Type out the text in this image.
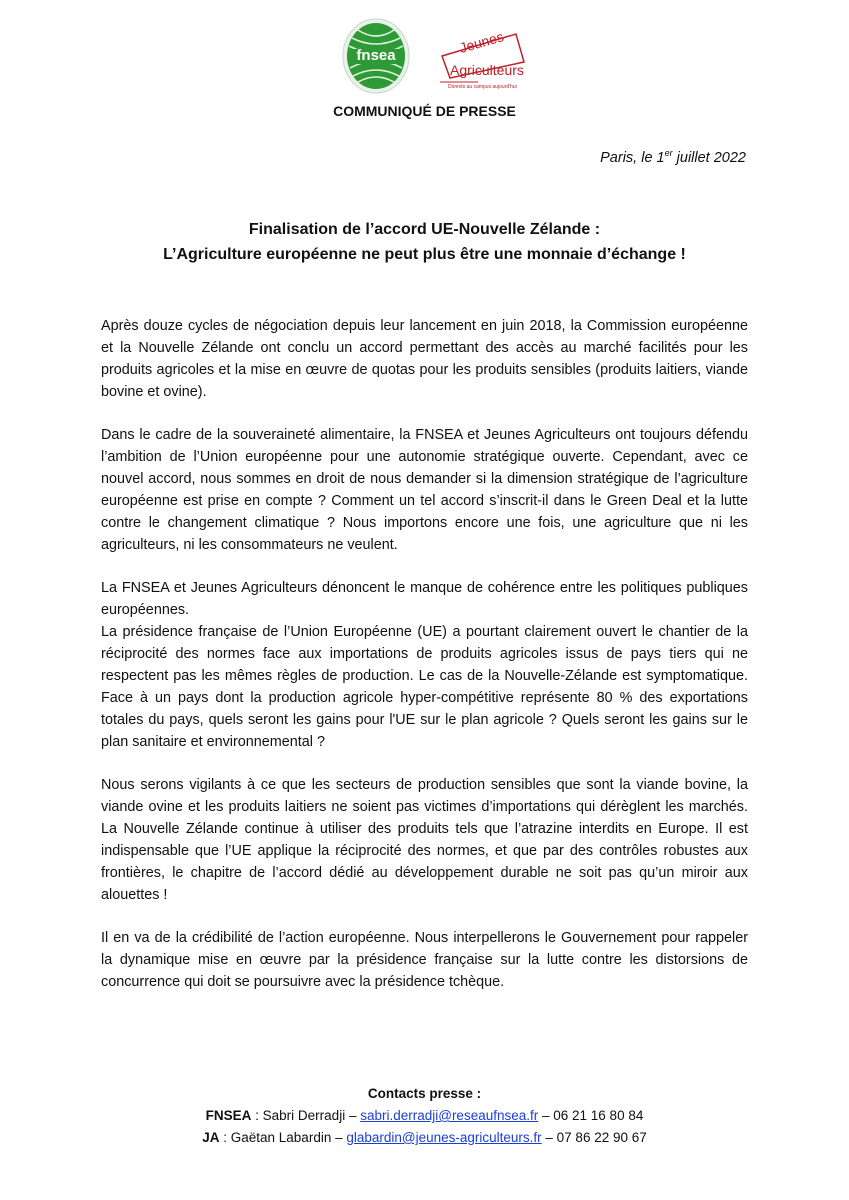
fnsea	Jeunes
Agriculteurs
Donnés au campus aujourd'hui
COMMUNIQUÉ DE PRESSE
Paris, le 1er juillet 2022
Finalisation de l’accord UE-Nouvelle Zélande :
L’Agriculture européenne ne peut plus être une monnaie d’échange !

Après douze cycles de négociation depuis leur lancement en juin 2018, la Commission européenne et la Nouvelle Zélande ont conclu un accord permettant des accès au marché facilités pour les produits agricoles et la mise en œuvre de quotas pour les produits sensibles (produits laitiers, viande bovine et ovine).

Dans le cadre de la souveraineté alimentaire, la FNSEA et Jeunes Agriculteurs ont toujours défendu l’ambition de l’Union européenne pour une autonomie stratégique ouverte. Cependant, avec ce nouvel accord, nous sommes en droit de nous demander si la dimension stratégique de l’agriculture européenne est prise en compte ? Comment un tel accord s’inscrit-il dans le Green Deal et la lutte contre le changement climatique ? Nous importons encore une fois, une agriculture que ni les agriculteurs, ni les consommateurs ne veulent.

La FNSEA et Jeunes Agriculteurs dénoncent le manque de cohérence entre les politiques publiques européennes.

La présidence française de l’Union Européenne (UE) a pourtant clairement ouvert le chantier de la réciprocité des normes face aux importations de produits agricoles issus de pays tiers qui ne respectent pas les mêmes règles de production. Le cas de la Nouvelle-Zélande est symptomatique. Face à un pays dont la production agricole hyper-compétitive représente 80 % des exportations totales du pays, quels seront les gains pour l'UE sur le plan agricole ? Quels seront les gains sur le plan sanitaire et environnemental ?

Nous serons vigilants à ce que les secteurs de production sensibles que sont la viande bovine, la viande ovine et les produits laitiers ne soient pas victimes d’importations qui dérèglent les marchés. La Nouvelle Zélande continue à utiliser des produits tels que l’atrazine interdits en Europe. Il est indispensable que l’UE applique la réciprocité des normes, et que par des contrôles robustes aux frontières, le chapitre de l’accord dédié au développement durable ne soit pas qu’un miroir aux alouettes !

Il en va de la crédibilité de l’action européenne. Nous interpellerons le Gouvernement pour rappeler la dynamique mise en œuvre par la présidence française sur la lutte contre les distorsions de concurrence qui doit se poursuivre avec la présidence tchèque.

Contacts presse :
FNSEA : Sabri Derradji – sabri.derradji@reseaufnsea.fr – 06 21 16 80 84
JA : Gaëtan Labardin – glabardin@jeunes-agriculteurs.fr – 07 86 22 90 67
